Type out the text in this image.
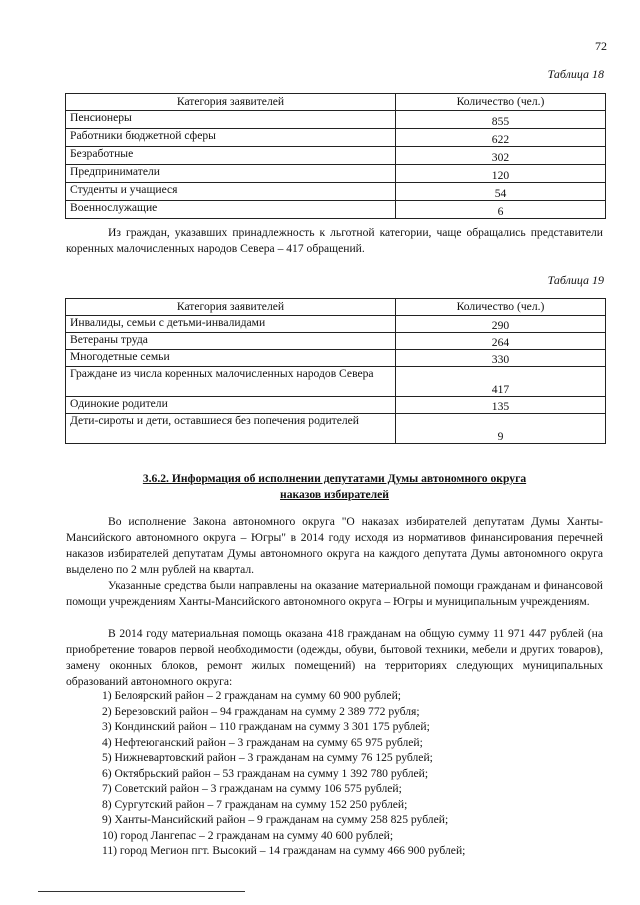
72
Таблица 18
Категория заявителей	Количество (чел.)
Пенсионеры	855
Работники бюджетной сферы	622
Безработные	302
Предприниматели	120
Студенты и учащиеся	54
Военнослужащие	6

Из граждан, указавших принадлежность к льготной категории, чаще обращались представители коренных малочисленных народов Севера – 417 обращений.

Таблица 19
Категория заявителей	Количество (чел.)
Инвалиды, семьи с детьми-инвалидами	290
Ветераны труда	264
Многодетные семьи	330
Граждане из числа коренных малочисленных народов Севера	417
Одинокие родители	135
Дети-сироты и дети, оставшиеся без попечения родителей	9
3.6.2. Информация об исполнении депутатами Думы автономного округа
наказов избирателей

Во исполнение Закона автономного округа "О наказах избирателей депутатам Думы Ханты-Мансийского автономного округа – Югры" в 2014 году исходя из нормативов финансирования перечней наказов избирателей депутатам Думы автономного округа на каждого депутата Думы автономного округа выделено по 2 млн рублей на квартал.

Указанные средства были направлены на оказание материальной помощи гражданам и финансовой помощи учреждениям Ханты-Мансийского автономного округа – Югры и муниципальным учреждениям.

В 2014 году материальная помощь оказана 418 гражданам на общую сумму 11 971 447 рублей (на приобретение товаров первой необходимости (одежды, обуви, бытовой техники, мебели и других товаров), замену оконных блоков, ремонт жилых помещений) на территориях следующих муниципальных образований автономного округа:

1) Белоярский район – 2 гражданам на сумму 60 900 рублей;
2) Березовский район – 94 гражданам на сумму 2 389 772 рубля;
3) Кондинский район – 110 гражданам на сумму 3 301 175 рублей;
4) Нефтеюганский район – 3 гражданам на сумму 65 975 рублей;
5) Нижневартовский район – 3 гражданам на сумму 76 125 рублей;
6) Октябрьский район – 53 гражданам на сумму 1 392 780 рублей;
7) Советский район – 3 гражданам на сумму 106 575 рублей;
8) Сургутский район – 7 гражданам на сумму 152 250 рублей;
9) Ханты-Мансийский район – 9 гражданам на сумму 258 825 рублей;
10) город Лангепас – 2 гражданам на сумму 40 600 рублей;
11) город Мегион пгт. Высокий – 14 гражданам на сумму 466 900 рублей;
